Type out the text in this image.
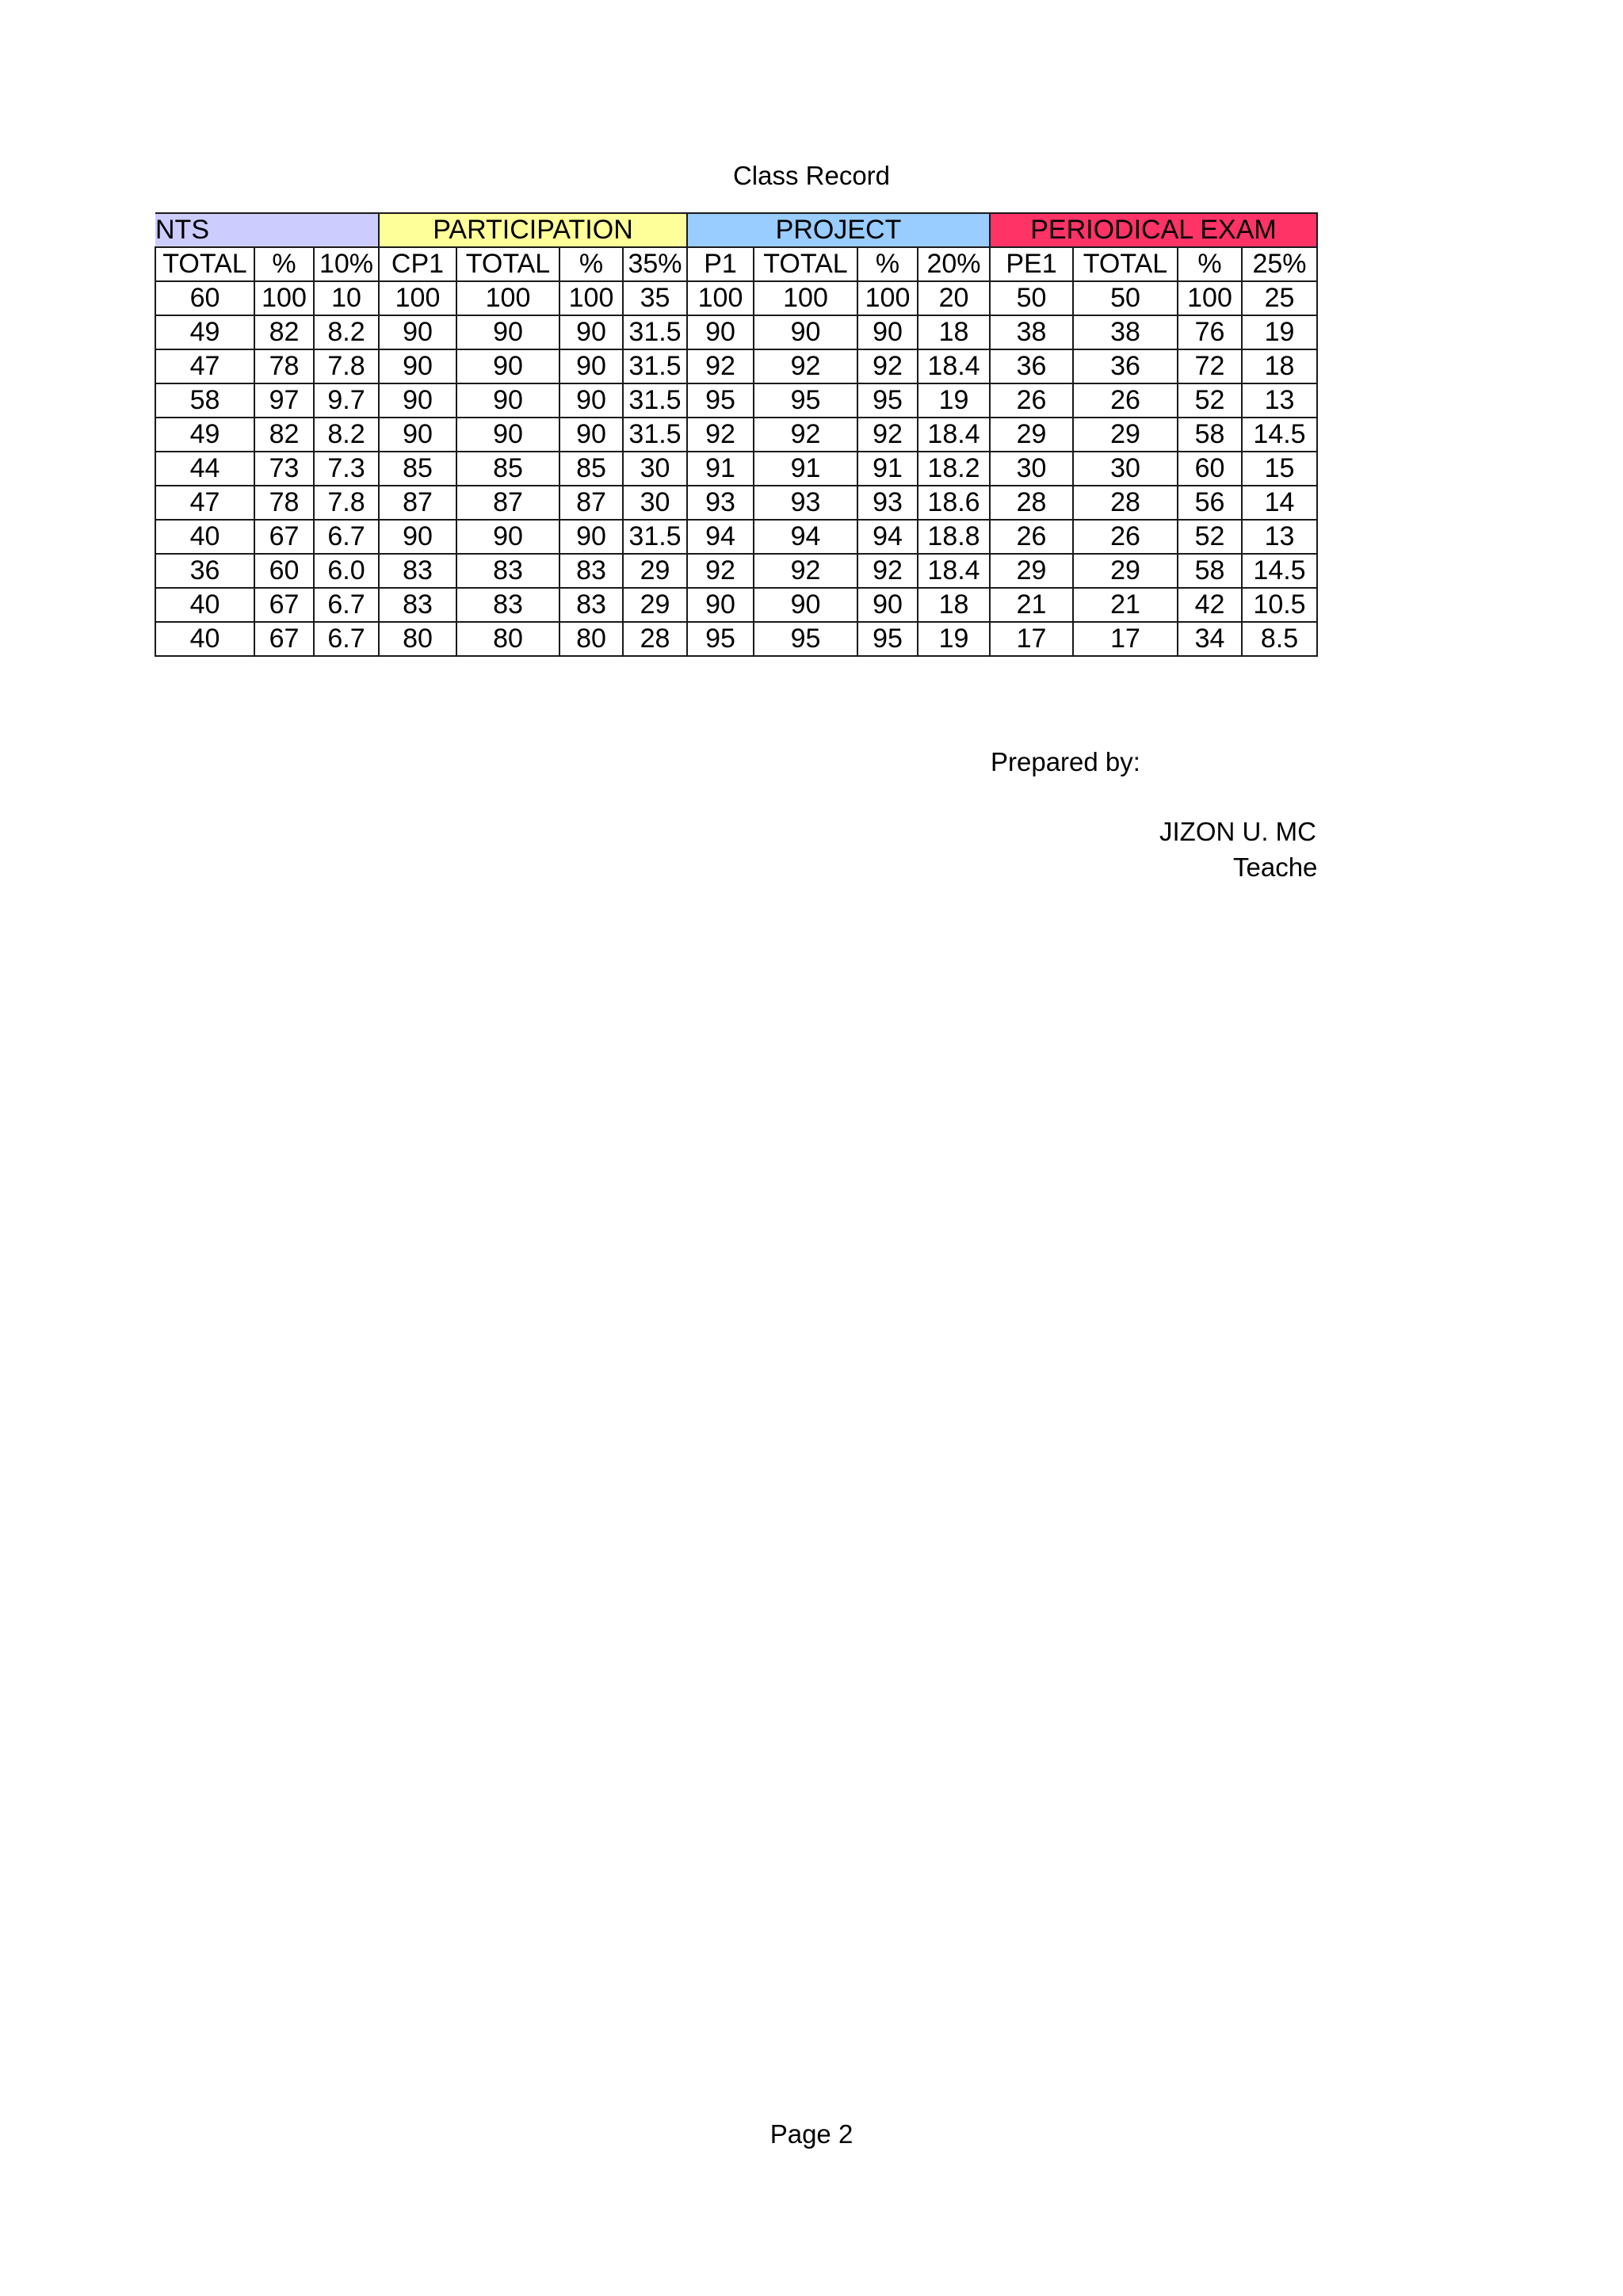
Class Record
NTS			PARTICIPATION				PROJECT				PERIODICAL EXAM			
TOTAL	%	10%	CP1	TOTAL	%	35%	P1	TOTAL	%	20%	PE1	TOTAL	%	25%
60	100	10	100	100	100	35	100	100	100	20	50	50	100	25
49	82	8.2	90	90	90	31.5	90	90	90	18	38	38	76	19
47	78	7.8	90	90	90	31.5	92	92	92	18.4	36	36	72	18
58	97	9.7	90	90	90	31.5	95	95	95	19	26	26	52	13
49	82	8.2	90	90	90	31.5	92	92	92	18.4	29	29	58	14.5
44	73	7.3	85	85	85	30	91	91	91	18.2	30	30	60	15
47	78	7.8	87	87	87	30	93	93	93	18.6	28	28	56	14
40	67	6.7	90	90	90	31.5	94	94	94	18.8	26	26	52	13
36	60	6.0	83	83	83	29	92	92	92	18.4	29	29	58	14.5
40	67	6.7	83	83	83	29	90	90	90	18	21	21	42	10.5
40	67	6.7	80	80	80	28	95	95	95	19	17	17	34	8.5
Prepared by:
JIZON U. MC
Teache
Page 2
